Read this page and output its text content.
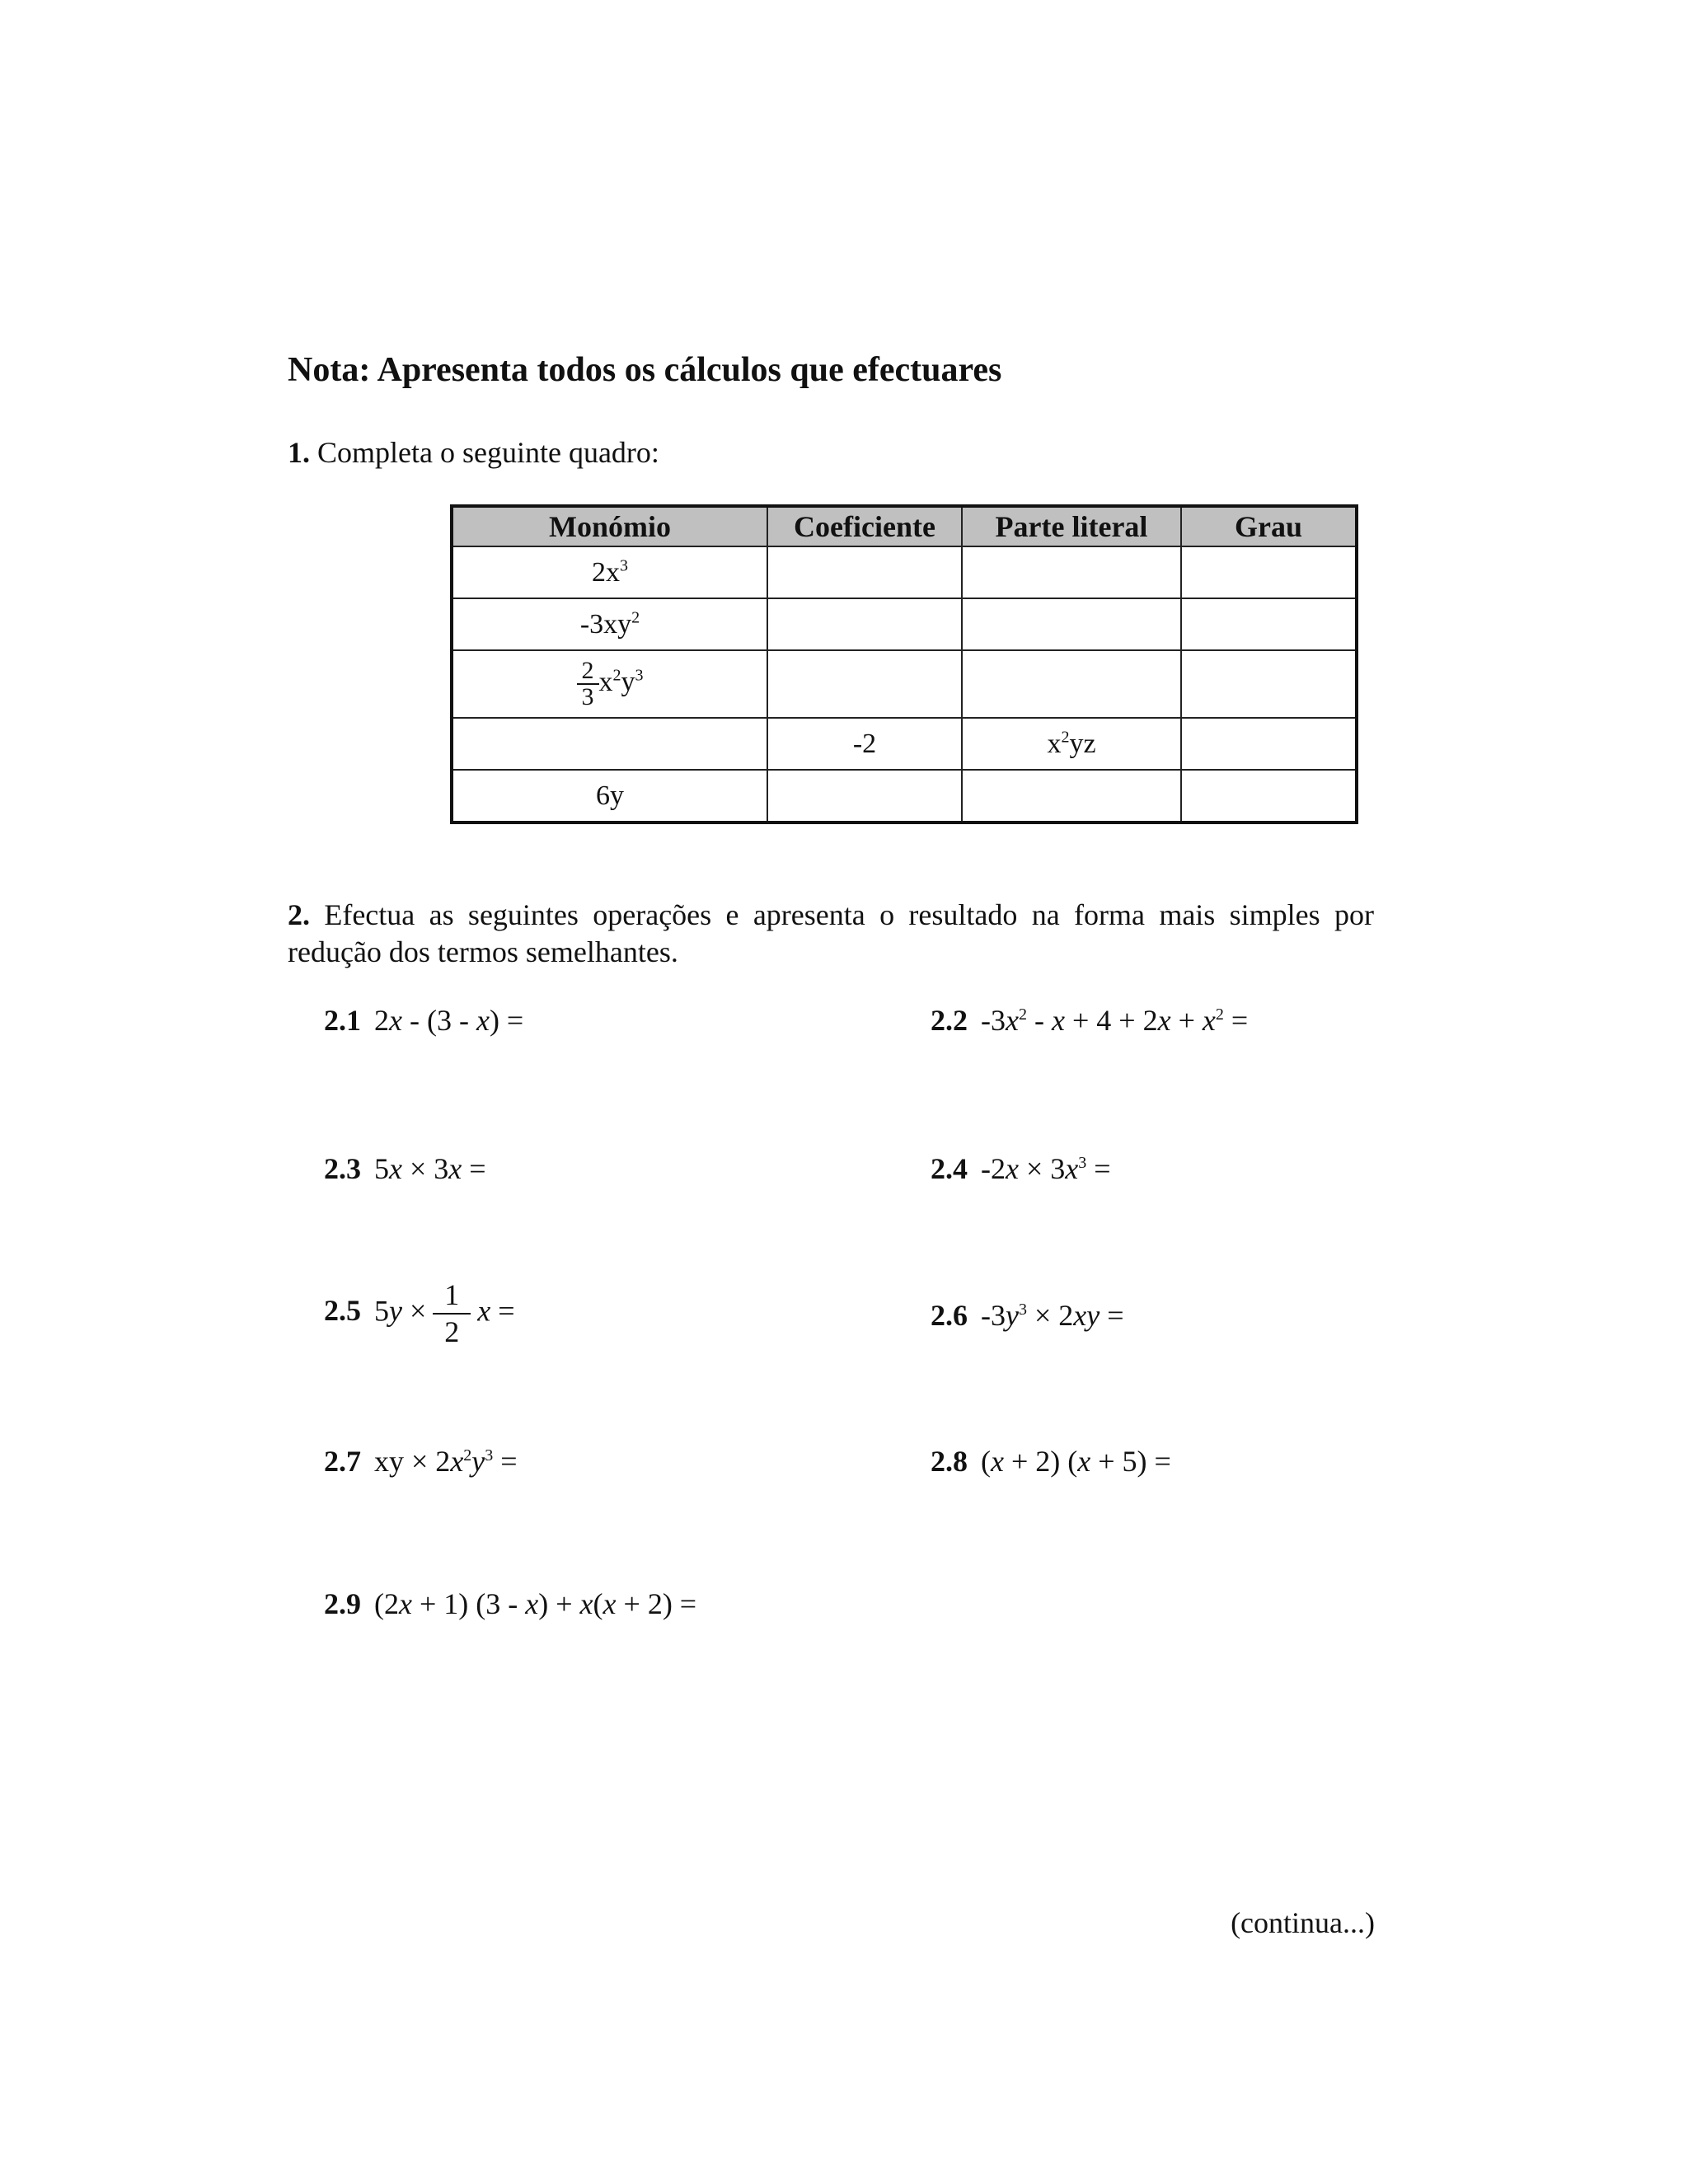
Nota: Apresenta todos os cálculos que efectuares
1. Completa o seguinte quadro:
Monómio	Coeficiente	Parte literal	Grau
$2x^3$			
$-3xy^2$			

$\frac{2}{3} x^2y^3$			
	-2	$x^2yz$	
6y			
2. Efectua as seguintes operações e apresenta o resultado na forma mais simples por redução dos termos semelhantes.
2.1 2x - (3 - x) =	2.2 $-3x^2 - x + 4 + 2x + x^2$ =
2.3 5x × 3x =	2.4 $-2x \times 3x^3$ =
2.5 $5y \times \frac{1}{2}$ x =	2.6 $-3y^3 \times 2xy$ =
2.7 xy × $2x^2y^3$ =	2.8 (x + 2) (x + 5) =
2.9 (2x + 1) (3 - x) + x(x + 2) =
(continua...)
